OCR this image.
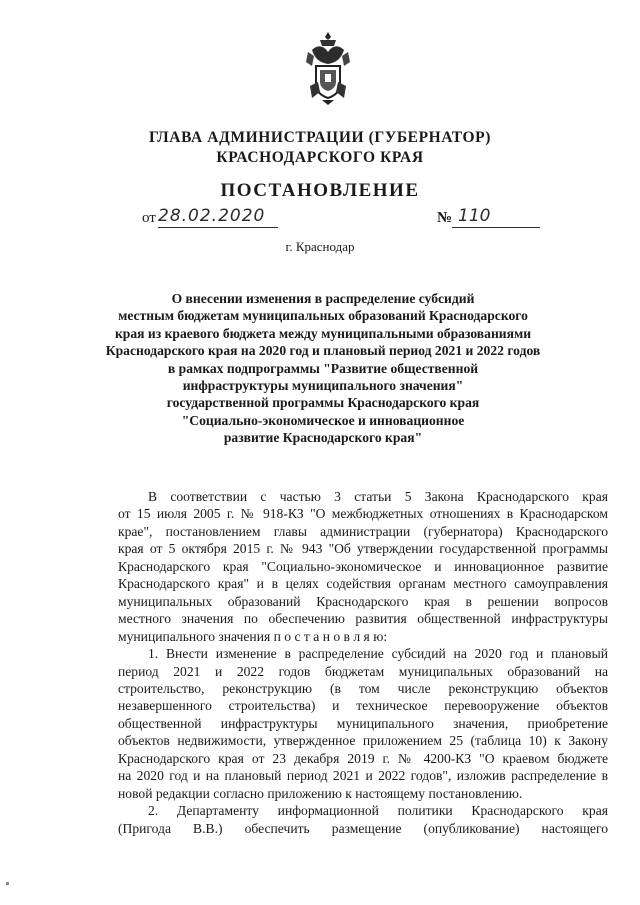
ГЛАВА АДМИНИСТРАЦИИ (ГУБЕРНАТОР)
КРАСНОДАРСКОГО КРАЯ
ПОСТАНОВЛЕНИЕ
от 28.02.2020	№ 110
г. Краснодар
О внесении изменения в распределение субсидий
местным бюджетам муниципальных образований Краснодарского
края из краевого бюджета между муниципальными образованиями
Краснодарского края на 2020 год и плановый период 2021 и 2022 годов
в рамках подпрограммы "Развитие общественной
инфраструктуры муниципального значения"
государственной программы Краснодарского края
"Социально-экономическое и инновационное
развитие Краснодарского края"
В соответствии с частью 3 статьи 5 Закона Краснодарского края
от 15 июля 2005 г. № 918-КЗ "О межбюджетных отношениях в Краснодарском
крае", постановлением главы администрации (губернатора) Краснодарского
края от 5 октября 2015 г. № 943 "Об утверждении государственной программы
Краснодарского края "Социально-экономическое и инновационное развитие
Краснодарского края" и в целях содействия органам местного самоуправления
муниципальных образований Краснодарского края в решении вопросов
местного значения по обеспечению развития общественной инфраструктуры
муниципального значения п о с т а н о в л я ю:
1. Внести изменение в распределение субсидий на 2020 год и плановый
период 2021 и 2022 годов бюджетам муниципальных образований на
строительство, реконструкцию (в том числе реконструкцию объектов
незавершенного строительства) и техническое перевооружение объектов
общественной инфраструктуры муниципального значения, приобретение
объектов недвижимости, утвержденное приложением 25 (таблица 10) к Закону
Краснодарского края от 23 декабря 2019 г. № 4200-КЗ "О краевом бюджете
на 2020 год и на плановый период 2021 и 2022 годов", изложив распределение в
новой редакции согласно приложению к настоящему постановлению.
2. Департаменту информационной политики Краснодарского края
(Пригода В.В.) обеспечить размещение (опубликование) настоящего
